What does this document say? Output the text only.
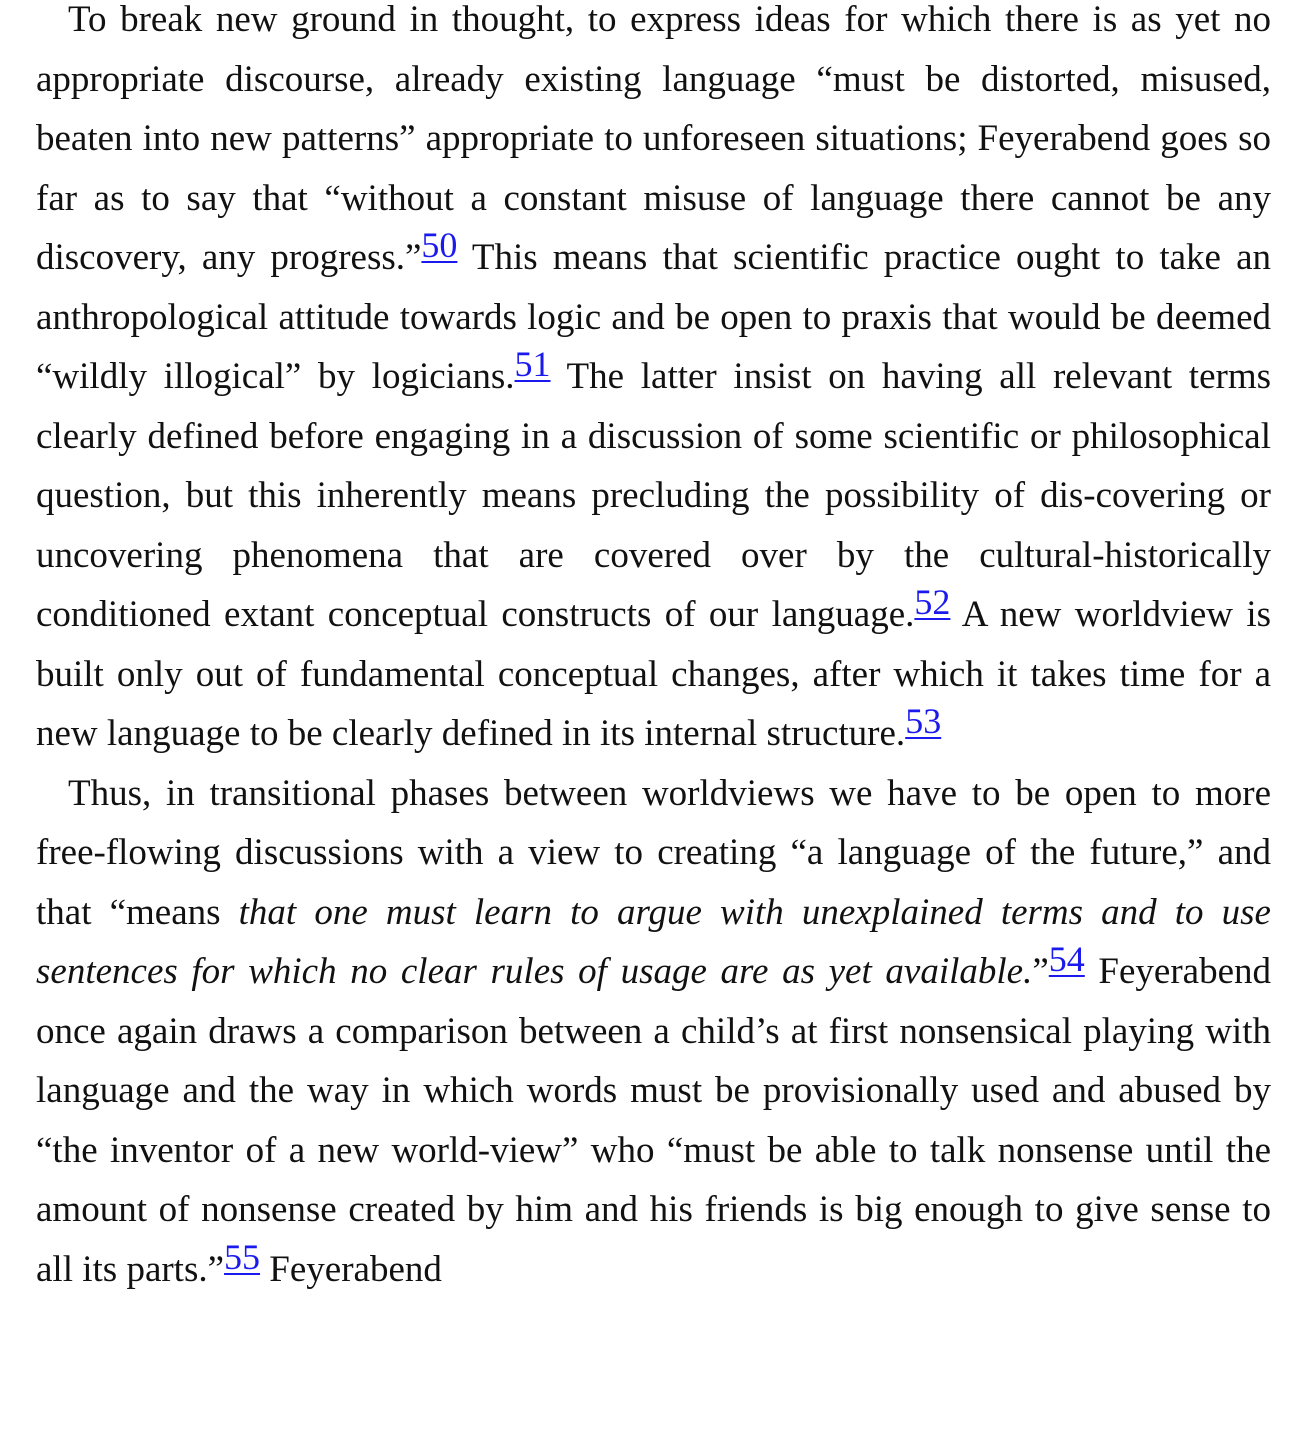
To break new ground in thought, to express ideas for which there is as yet no appropriate discourse, already existing language “must be distorted, misused, beaten into new patterns” appropriate to unforeseen situations; Feyerabend goes so far as to say that “without a constant misuse of language there cannot be any discovery, any progress.”50 This means that scientific practice ought to take an anthropological attitude towards logic and be open to praxis that would be deemed “wildly illogical” by logicians.51 The latter insist on having all relevant terms clearly defined before engaging in a discussion of some scientific or philosophical question, but this inherently means precluding the possibility of dis-covering or uncovering phenomena that are covered over by the cultural-historically conditioned extant conceptual constructs of our language.52 A new worldview is built only out of fundamental conceptual changes, after which it takes time for a new language to be clearly defined in its internal structure.53

Thus, in transitional phases between worldviews we have to be open to more free-flowing discussions with a view to creating “a language of the future,” and that “means that one must learn to argue with unexplained terms and to use sentences for which no clear rules of usage are as yet available.”54 Feyerabend once again draws a comparison between a child’s at first nonsensical playing with language and the way in which words must be provisionally used and abused by “the inventor of a new world-view” who “must be able to talk nonsense until the amount of nonsense created by him and his friends is big enough to give sense to all its parts.”55 Feyerabend
